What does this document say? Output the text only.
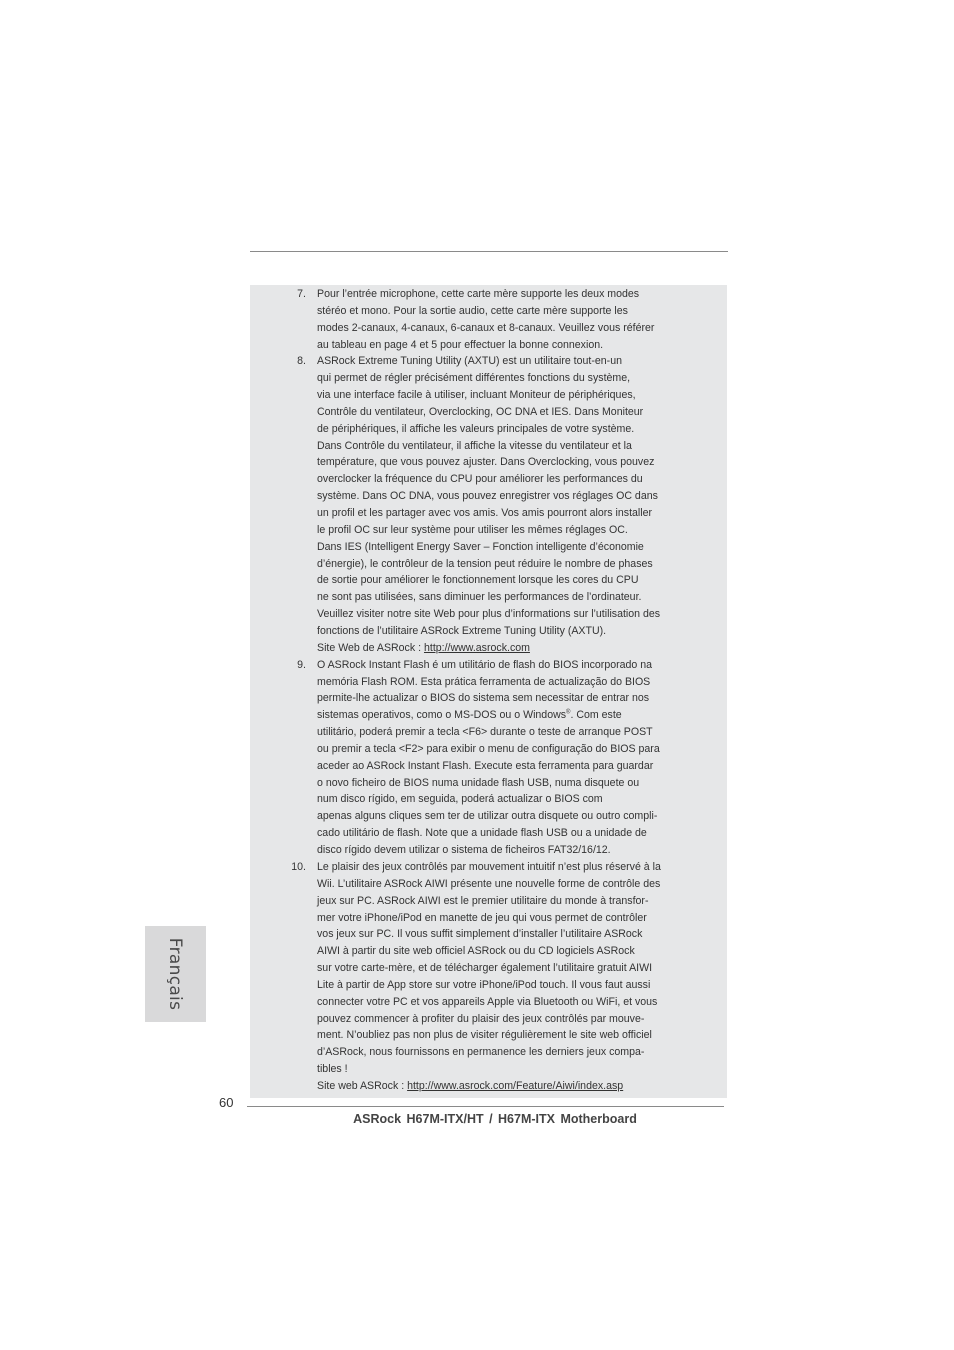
7. Pour l’entrée microphone, cette carte mère supporte les deux modes
stéréo et mono. Pour la sortie audio, cette carte mère supporte les
modes 2-canaux, 4-canaux, 6-canaux et 8-canaux. Veuillez vous référer
au tableau en page 4 et 5 pour effectuer la bonne connexion.
8. ASRock Extreme Tuning Utility (AXTU) est un utilitaire tout-en-un
qui permet de régler précisément différentes fonctions du système,
via une interface facile à utiliser, incluant Moniteur de périphériques,
Contrôle du ventilateur, Overclocking, OC DNA et IES. Dans Moniteur
de périphériques, il affiche les valeurs principales de votre système.
Dans Contrôle du ventilateur, il affiche la vitesse du ventilateur et la
température, que vous pouvez ajuster. Dans Overclocking, vous pouvez
overclocker la fréquence du CPU pour améliorer les performances du
système. Dans OC DNA, vous pouvez enregistrer vos réglages OC dans
un profil et les partager avec vos amis. Vos amis pourront alors installer
le profil OC sur leur système pour utiliser les mêmes réglages OC.
Dans IES (Intelligent Energy Saver – Fonction intelligente d’économie
d’énergie), le contrôleur de la tension peut réduire le nombre de phases
de sortie pour améliorer le fonctionnement lorsque les cores du CPU
ne sont pas utilisées, sans diminuer les performances de l’ordinateur.
Veuillez visiter notre site Web pour plus d’informations sur l’utilisation des
fonctions de l’utilitaire ASRock Extreme Tuning Utility (AXTU).
Site Web de ASRock : http://www.asrock.com
9. O ASRock Instant Flash é um utilitário de flash do BIOS incorporado na
memória Flash ROM. Esta prática ferramenta de actualização do BIOS
permite-lhe actualizar o BIOS do sistema sem necessitar de entrar nos
sistemas operativos, como o MS-DOS ou o Windows®. Com este
utilitário, poderá premir a tecla <F6> durante o teste de arranque POST
ou premir a tecla <F2> para exibir o menu de configuração do BIOS para
aceder ao ASRock Instant Flash. Execute esta ferramenta para guardar
o novo ficheiro de BIOS numa unidade flash USB, numa disquete ou
num disco rígido, em seguida, poderá actualizar o BIOS com
apenas alguns cliques sem ter de utilizar outra disquete ou outro compli-
cado utilitário de flash. Note que a unidade flash USB ou a unidade de
disco rígido devem utilizar o sistema de ficheiros FAT32/16/12.
10. Le plaisir des jeux contrôlés par mouvement intuitif n’est plus réservé à la
Wii. L’utilitaire ASRock AIWI présente une nouvelle forme de contrôle des
jeux sur PC. ASRock AIWI est le premier utilitaire du monde à transfor-
mer votre iPhone/iPod en manette de jeu qui vous permet de contrôler
vos jeux sur PC. Il vous suffit simplement d’installer l’utilitaire ASRock
AIWI à partir du site web officiel ASRock ou du CD logiciels ASRock
sur votre carte-mère, et de télécharger également l’utilitaire gratuit AIWI
Lite à partir de App store sur votre iPhone/iPod touch. Il vous faut aussi
connecter votre PC et vos appareils Apple via Bluetooth ou WiFi, et vous
pouvez commencer à profiter du plaisir des jeux contrôlés par mouve-
ment. N’oubliez pas non plus de visiter régulièrement le site web officiel
d’ASRock, nous fournissons en permanence les derniers jeux compa-
tibles !
Site web ASRock : http://www.asrock.com/Feature/Aiwi/index.asp
Français
60
ASRock H67M-ITX/HT / H67M-ITX Motherboard
